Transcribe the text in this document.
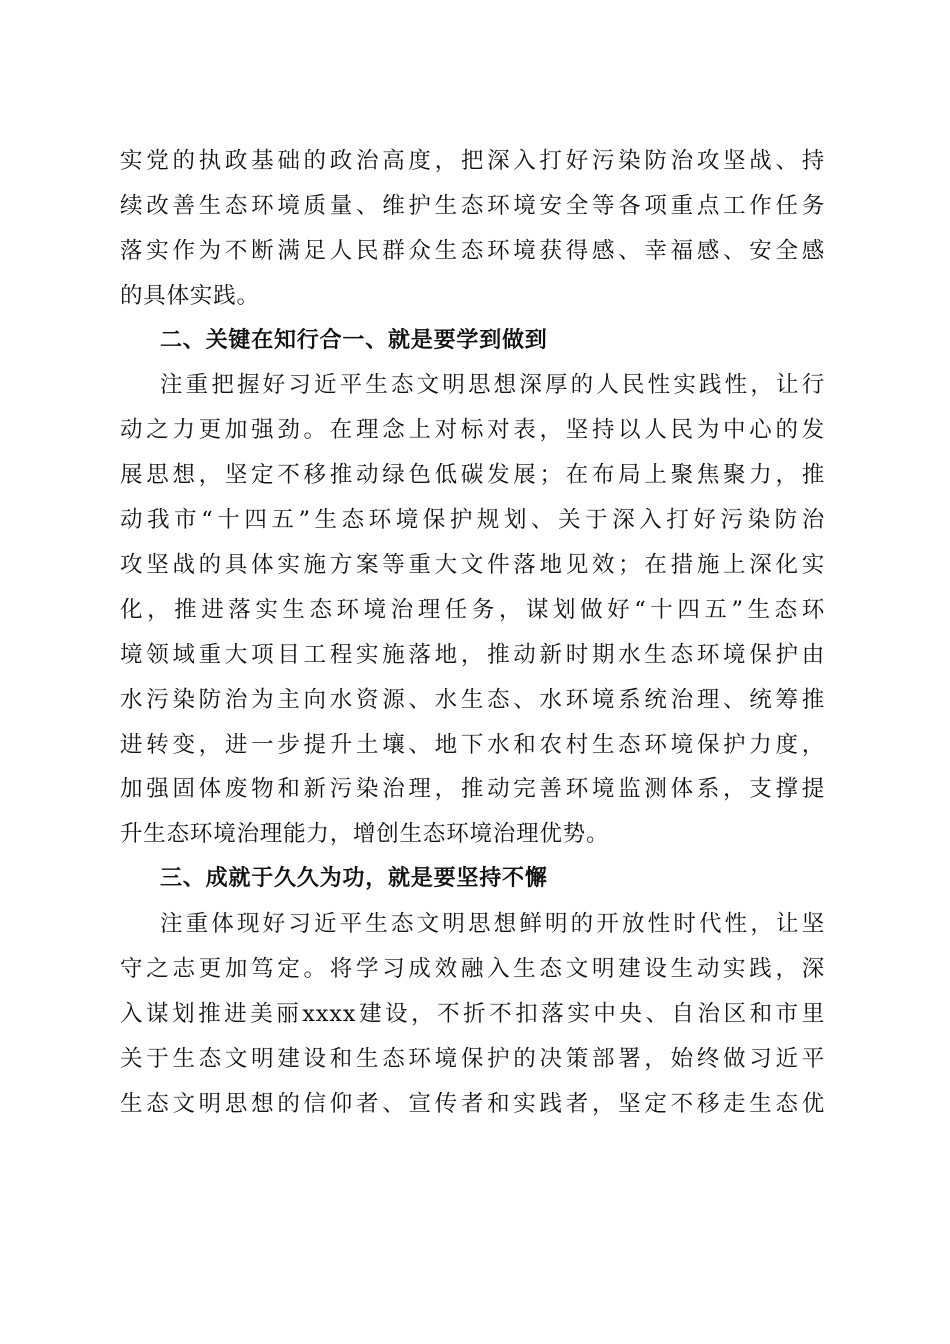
实党的执政基础的政治高度，把深入打好污染防治攻坚战、持
续改善生态环境质量、维护生态环境安全等各项重点工作任务
落实作为不断满足人民群众生态环境获得感、幸福感、安全感
的具体实践。
二、关键在知行合一、就是要学到做到
注重把握好习近平生态文明思想深厚的人民性实践性，让行
动之力更加强劲。在理念上对标对表，坚持以人民为中心的发
展思想，坚定不移推动绿色低碳发展；在布局上聚焦聚力，推
动我市“十四五”生态环境保护规划、关于深入打好污染防治
攻坚战的具体实施方案等重大文件落地见效；在措施上深化实
化，推进落实生态环境治理任务，谋划做好“十四五”生态环
境领域重大项目工程实施落地，推动新时期水生态环境保护由
水污染防治为主向水资源、水生态、水环境系统治理、统筹推
进转变，进一步提升土壤、地下水和农村生态环境保护力度，
加强固体废物和新污染治理，推动完善环境监测体系，支撑提
升生态环境治理能力，增创生态环境治理优势。
三、成就于久久为功，就是要坚持不懈
注重体现好习近平生态文明思想鲜明的开放性时代性，让坚
守之志更加笃定。将学习成效融入生态文明建设生动实践，深
入谋划推进美丽xxxx建设，不折不扣落实中央、自治区和市里
关于生态文明建设和生态环境保护的决策部署，始终做习近平
生态文明思想的信仰者、宣传者和实践者，坚定不移走生态优
